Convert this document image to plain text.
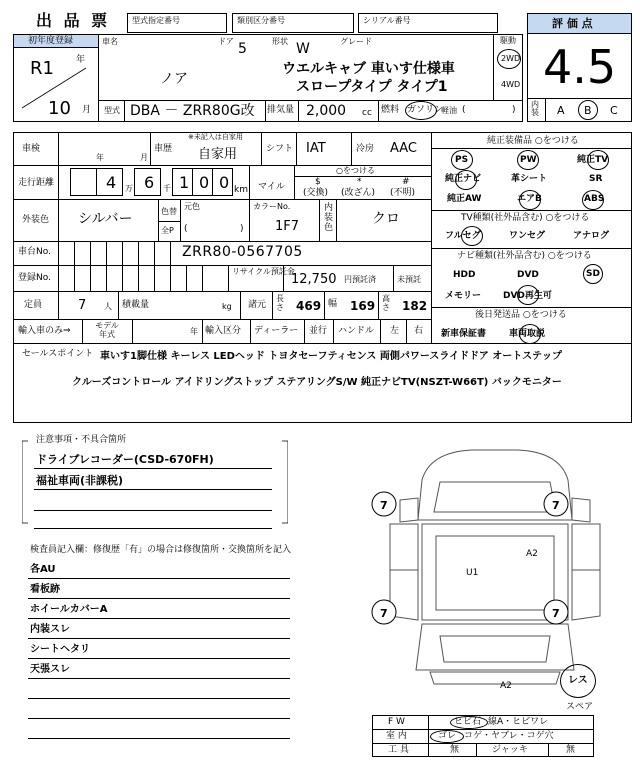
出 品 票	型式指定番号	類別区分番号	シリアル番号
初年度登録
R1 年
10 月
車名	ドア 5	形状 W	グレード
ノア
ウエルキャブ 車いす仕様車
スロープタイプ タイプ1
駆動
2WD
4WD
型式 DBA － ZRR80G改 排気量 2,000 cc 燃料 ガソリン
軽油 (	)
評 価 点
4.5
内装 A B C
車検
年	月
車歴
※未記入は自家用
自家用	シフト IAT	冷房 AAC
走行距離	4 万 6 千 1 0 0 km マイル
○をつける
$
(交換)
*
(改ざん)
#
(不明)
外装色 シルバー	色替
全P
元色
(	)
カラーNo.
1F7
内装色
クロ
車台No.	ZRR80-0567705
登録No.
リサイクル預託金
12,750 円預託済	未預託
定員	7 人 積載量	kg 諸元
長さ 469 幅 169
高さ 182
輸入車のみ⇒
モデル年式	年 輸入区分 ディーラー 並行 ハンドル 左 右
純正装備品 ○をつける
PS	PW	純正TV
純正ナビ	革シート	SR
純正AW	エアB	ABS
TV種類(社外品含む) ○をつける
フルセグ	ワンセグ	アナログ
ナビ種類(社外品含む) ○をつける
HDD	DVD	SD
メモリー DVD再生可
後日発送品 ○をつける
新車保証書	車両取説
セールスポイント 車いす1脚仕様 キーレス LEDヘッド トヨタセーフティセンス 両側パワースライドドア オートステップ
クルーズコントロール アイドリングストップ ステアリングS/W 純正ナビTV(NSZT-W66T) バックモニター
注意事項・不具合箇所
ドライブレコーダー(CSD-670FH)
福祉車両(非課税)
検査員記入欄：修復歴「有」の場合は修復箇所・交換箇所を記入
各AU
看板跡
ホイールカバーA
内装スレ
シートヘタリ
天張スレ
7	7
7	7
A2
U1
A2	レス
スペア
F W	ヒビ石 線A・ヒビワレ
室 内	ゴレ コゲ・ヤブレ・コゲ穴
工 具	無	ジャッキ	無
